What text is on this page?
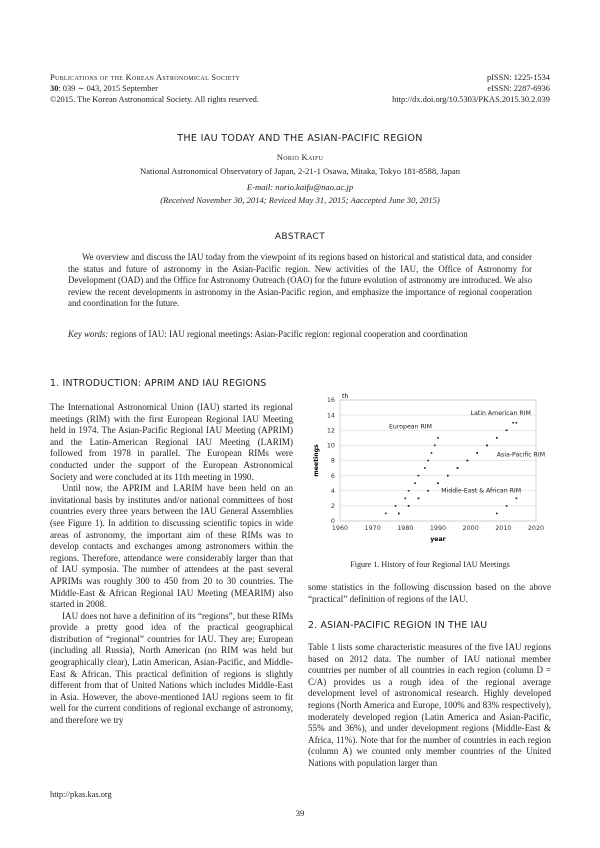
Publications of the Korean Astronomical Society
30: 039 ∼ 043, 2015 September
©2015. The Korean Astronomical Society. All rights reserved.
pISSN: 1225-1534
eISSN: 2287-6936
http://dx.doi.org/10.5303/PKAS.2015.30.2.039
THE IAU TODAY AND THE ASIAN-PACIFIC REGION
Norio Kaifu
National Astronomical Observatory of Japan, 2-21-1 Osawa, Mitaka, Tokyo 181-8588, Japan
E-mail: norio.kaifu@nao.ac.jp
(Received November 30, 2014; Reviced May 31, 2015; Aaccepted June 30, 2015)
ABSTRACT
We overview and discuss the IAU today from the viewpoint of its regions based on historical and statistical data, and consider the status and future of astronomy in the Asian-Pacific region. New activities of the IAU, the Office of Astronomy for Development (OAD) and the Office for Astronomy Outreach (OAO) for the future evolution of astronomy are introduced. We also review the recent developments in astronomy in the Asian-Pacific region, and emphasize the importance of regional cooperation and coordination for the future.
Key words: regions of IAU: IAU regional meetings: Asian-Pacific region: regional cooperation and coordination
1. INTRODUCTION: APRIM AND IAU REGIONS

The International Astronomical Union (IAU) started its regional meetings (RIM) with the first European Regional IAU Meeting held in 1974. The Asian-Pacific Regional IAU Meeting (APRIM) and the Latin-American Regional IAU Meeting (LARIM) followed from 1978 in parallel. The European RIMs were conducted under the support of the European Astronomical Society and were concluded at its 11th meeting in 1990.

Until now, the APRIM and LARIM have been held on an invitational basis by institutes and/or national committees of host countries every three years between the IAU General Assemblies (see Figure 1). In addition to discussing scientific topics in wide areas of astronomy, the important aim of these RIMs was to develop contacts and exchanges among astronomers within the regions. Therefore, attendance were considerably larger than that of IAU symposia. The number of attendees at the past several APRIMs was roughly 300 to 450 from 20 to 30 countries. The Middle-East & African Regional IAU Meeting (MEARIM) also started in 2008.

IAU does not have a definition of its “regions”, but these RIMs provide a pretty good idea of the practical geographical distribution of “regional” countries for IAU. They are; European (including all Russia), North American (no RIM was held but geographically clear), Latin American, Asian-Pacific, and Middle-East & African. This practical definition of regions is slightly different from that of United Nations which includes Middle-East in Asia. However, the above-mentioned IAU regions seem to fit well for the current conditions of regional exchange of astronomy, and therefore we try

http://pkas.kas.org
0
2
4
6
8
10
12
14
16
1960	1970	1980	1990	2000	2010	2020
European RIM
Latin American RIM
Asia-Pacific RIM
Middle-East & African RIM
meetings
th
year
Figure 1. History of four Regional IAU Meetings

some statistics in the following discussion based on the above “practical” definition of regions of the IAU.

2. ASIAN-PACIFIC REGION IN THE IAU

Table 1 lists some characteristic measures of the five IAU regions based on 2012 data. The number of IAU national member countries per number of all countries in each region (column D = C/A) provides us a rough idea of the regional average development level of astronomical research. Highly developed regions (North America and Europe, 100% and 83% respectively), moderately developed region (Latin America and Asian-Pacific, 55% and 36%), and under development regions (Middle-East & Africa, 11%). Note that for the number of countries in each region (column A) we counted only member countries of the United Nations with population larger than

39
